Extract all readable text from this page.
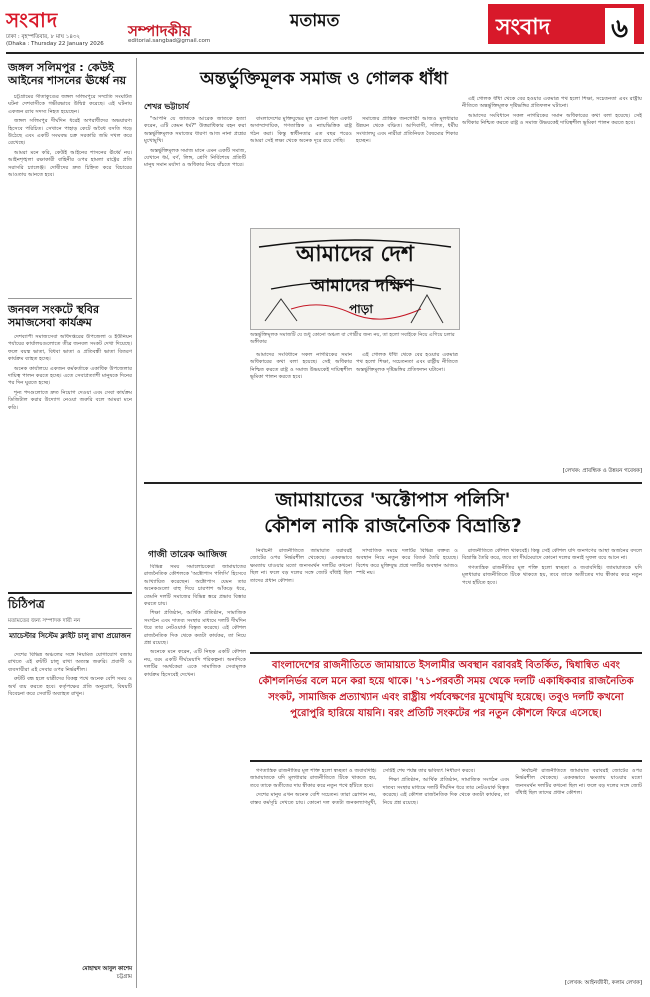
সংবাদ
ঢাকা : বৃহস্পতিবার, ৮ মাঘ ১৪৩২
(Dhaka : Thursday 22 January 2026
সম্পাদকীয়
editorial.sangbad@gmail.com
মতামত	সংবাদ ৬
জঙ্গল সলিমপুর : কেউই আইনের শাসনের ঊর্ধ্বে নয়

চট্টগ্রামের সীতাকুণ্ডের জঙ্গল সলিমপুরে সম্প্রতি সংঘটিত ঘটনা দেশবাসীকে গভীরভাবে উদ্বিগ্ন করেছে। এই ঘটনায় একজন র‍্যাব সদস্য নিহত হয়েছেন।

জঙ্গল সলিমপুর দীর্ঘদিন ধরেই অপরাধীদের অভয়ারণ্য হিসেবে পরিচিত। সেখানে পাহাড় কেটে অবৈধ বসতি গড়ে উঠেছে এবং একটি সংঘবদ্ধ চক্র সরকারি জমি দখল করে রেখেছে।

আমরা মনে করি, কেউই আইনের শাসনের ঊর্ধ্বে নয়। আইনশৃঙ্খলা রক্ষাকারী বাহিনীর ওপর হামলা রাষ্ট্রের প্রতি সরাসরি চ্যালেঞ্জ। দোষীদের দ্রুত চিহ্নিত করে বিচারের আওতায় আনতে হবে।

জনবল সংকটে স্থবির সমাজসেবা কার্যক্রম

দেশব্যাপী সমাজসেবা অধিদপ্তরের উপজেলা ও ইউনিয়ন পর্যায়ের কার্যালয়গুলোতে তীব্র জনবল সংকট দেখা দিয়েছে। ফলে বয়স্ক ভাতা, বিধবা ভাতা ও প্রতিবন্ধী ভাতা বিতরণ কার্যক্রম ব্যাহত হচ্ছে।

অনেক কার্যালয়ে একজন কর্মকর্তাকে একাধিক উপজেলার দায়িত্ব পালন করতে হচ্ছে। এতে সেবাপ্রত্যাশী মানুষকে দিনের পর দিন ঘুরতে হচ্ছে।

শূন্য পদগুলোতে দ্রুত নিয়োগ দেওয়া এবং সেবা কার্যক্রম ডিজিটাল করার উদ্যোগ নেওয়া জরুরি বলে আমরা মনে করি।

চিঠিপত্র
মতামতের জন্য সম্পাদক দায়ী নন
ম্যাচেস্টার সিস্টেম ক্লাইট চালু রাখা প্রয়োজন

দেশের বিভিন্ন অঞ্চলের সঙ্গে নিয়মিত যোগাযোগ বজায় রাখতে এই রুটটি চালু রাখা অত্যন্ত জরুরি। প্রবাসী ও ব্যবসায়ীরা এই সেবার ওপর নির্ভরশীল।

রুটটি বন্ধ হলে যাত্রীদের বিকল্প পথে অনেক বেশি সময় ও অর্থ ব্যয় করতে হবে। কর্তৃপক্ষের প্রতি অনুরোধ, বিষয়টি বিবেচনা করে সেবাটি অব্যাহত রাখুন।

মোহাম্মদ আবুল কাশেম
চট্টগ্রাম
অন্তর্ভুক্তিমূলক সমাজ ও গোলক ধাঁধা
শেখর ভট্টাচার্য

"আপনি যে জাতকে আরেক জাতকে হত্যা করেন, এটি কেমন ধর্ম?" উত্তরাধিকার বহন করা অন্তর্ভুক্তিমূলক সমাজের ধারণা আজ নানা প্রশ্নের মুখোমুখি।

অন্তর্ভুক্তিমূলক সমাজ মানে এমন একটি সমাজ, যেখানে ধর্ম, বর্ণ, লিঙ্গ, শ্রেণি নির্বিশেষে প্রতিটি মানুষ সমান মর্যাদা ও অধিকার নিয়ে বাঁচতে পারে।

বাংলাদেশের মুক্তিযুদ্ধের মূল চেতনা ছিল একটি অসাম্প্রদায়িক, গণতান্ত্রিক ও ন্যায়ভিত্তিক রাষ্ট্র গঠন করা। কিন্তু স্বাধীনতার এত বছর পরেও আমরা সেই লক্ষ্য থেকে অনেক দূরে রয়ে গেছি।

সমাজের প্রান্তিক জনগোষ্ঠী আজও মূলধারার উন্নয়ন থেকে বঞ্চিত। আদিবাসী, দলিত, ধর্মীয় সংখ্যালঘু এবং নারীরা প্রতিনিয়ত বৈষম্যের শিকার হচ্ছেন।

এই গোলক ধাঁধা থেকে বের হওয়ার একমাত্র পথ হলো শিক্ষা, সচেতনতা এবং রাষ্ট্রীয় নীতিতে অন্তর্ভুক্তিমূলক দৃষ্টিভঙ্গির প্রতিফলন ঘটানো।

আমাদের সংবিধানে সকল নাগরিকের সমান অধিকারের কথা বলা হয়েছে। সেই অধিকার নিশ্চিত করতে রাষ্ট্র ও সমাজ উভয়কেই দায়িত্বশীল ভূমিকা পালন করতে হবে।

আমাদের দেশ
আমাদের দক্ষিণ
পাড়া
অন্তর্ভুক্তিমূলক সমাজটি যে শুধু কোনো অঞ্চল বা গোষ্ঠীর জন্য নয়, তা হলো সবাইকে নিয়ে এগিয়ে চলার অঙ্গীকার

আমাদের সংবিধানে সকল নাগরিকের সমান অধিকারের কথা বলা হয়েছে। সেই অধিকার নিশ্চিত করতে রাষ্ট্র ও সমাজ উভয়কেই দায়িত্বশীল ভূমিকা পালন করতে হবে।

এই গোলক ধাঁধা থেকে বের হওয়ার একমাত্র পথ হলো শিক্ষা, সচেতনতা এবং রাষ্ট্রীয় নীতিতে অন্তর্ভুক্তিমূলক দৃষ্টিভঙ্গির প্রতিফলন ঘটানো।

[লেখক: প্রাবন্ধিক ও উন্নয়ন গবেষক]
জামায়াতের 'অক্টোপাস পলিসি'
কৌশল নাকি রাজনৈতিক বিভ্রান্তি?
গাজী তারেক আজিজ

বিভিন্ন সময় সমালোচকেরা জামায়াতের রাজনৈতিক কৌশলকে 'অক্টোপাস পলিসি' হিসেবে আখ্যায়িত করেছেন। অক্টোপাস যেমন তার অনেকগুলো বাহু দিয়ে চারপাশ আঁকড়ে ধরে, তেমনি দলটি সমাজের বিভিন্ন স্তরে প্রভাব বিস্তার করতে চায়।

শিক্ষা প্রতিষ্ঠান, আর্থিক প্রতিষ্ঠান, সামাজিক সংগঠন এবং দাতব্য সংস্থার মাধ্যমে দলটি দীর্ঘদিন ধরে তার নেটওয়ার্ক বিস্তৃত করেছে। এই কৌশল রাজনৈতিক দিক থেকে কতটা কার্যকর, তা নিয়ে প্রশ্ন রয়েছে।

অনেকে মনে করেন, এটি নিছক একটি কৌশল নয়, বরং একটি দীর্ঘমেয়াদি পরিকল্পনা। অন্যদিকে দলটির সমর্থকেরা একে সামাজিক সেবামূলক কার্যক্রম হিসেবেই দেখেন।

নির্বাচনী রাজনীতিতে জামায়াত বরাবরই জোটের ওপর নির্ভরশীল থেকেছে। এককভাবে ক্ষমতায় যাওয়ার মতো জনসমর্থন দলটির কখনো ছিল না। ফলে বড় দলের সঙ্গে জোট বাঁধাই ছিল তাদের প্রধান কৌশল।

সাম্প্রতিক সময়ে দলটির বিভিন্ন বক্তব্য ও অবস্থান নিয়ে নতুন করে বিতর্ক তৈরি হয়েছে। বিশেষ করে মুক্তিযুদ্ধ প্রশ্নে দলটির অবস্থান আজও স্পষ্ট নয়।

বাংলাদেশের রাজনীতিতে জামায়াতে ইসলামীর অবস্থান বরাবরই বিতর্কিত, দ্বিধান্বিত এবং কৌশলনির্ভর বলে মনে করা হয়ে থাকে। '৭১-পরবর্তী সময় থেকে দলটি একাধিকবার রাজনৈতিক সংকট, সামাজিক প্রত্যাখ্যান এবং রাষ্ট্রীয় পর্যবেক্ষণের মুখোমুখি হয়েছে। তবুও দলটি কখনো পুরোপুরি হারিয়ে যায়নি। বরং প্রতিটি সংকটের পর নতুন কৌশলে ফিরে এসেছে।

রাজনীতিতে কৌশল থাকবেই। কিন্তু সেই কৌশল যদি জনগণের আস্থা অর্জনের বদলে বিভ্রান্তি তৈরি করে, তবে তা দীর্ঘমেয়াদে কোনো দলের জন্যই সুফল বয়ে আনে না।

গণতান্ত্রিক রাজনীতির মূল শক্তি হলো স্বচ্ছতা ও জবাবদিহি। জামায়াতকে যদি মূলধারার রাজনীতিতে টিকে থাকতে হয়, তবে তাকে অতীতের দায় স্বীকার করে নতুন পথে হাঁটতে হবে।

গণতান্ত্রিক রাজনীতির মূল শক্তি হলো স্বচ্ছতা ও জবাবদিহি। জামায়াতকে যদি মূলধারার রাজনীতিতে টিকে থাকতে হয়, তবে তাকে অতীতের দায় স্বীকার করে নতুন পথে হাঁটতে হবে।

দেশের মানুষ এখন অনেক বেশি সচেতন। তারা স্লোগান নয়, বাস্তব কর্মসূচি দেখতে চায়। কোনো দল কতটা জনকল্যাণমুখী, সেটিই শেষ পর্যন্ত তার ভবিষ্যৎ নির্ধারণ করবে।

শিক্ষা প্রতিষ্ঠান, আর্থিক প্রতিষ্ঠান, সামাজিক সংগঠন এবং দাতব্য সংস্থার মাধ্যমে দলটি দীর্ঘদিন ধরে তার নেটওয়ার্ক বিস্তৃত করেছে। এই কৌশল রাজনৈতিক দিক থেকে কতটা কার্যকর, তা নিয়ে প্রশ্ন রয়েছে।

নির্বাচনী রাজনীতিতে জামায়াত বরাবরই জোটের ওপর নির্ভরশীল থেকেছে। এককভাবে ক্ষমতায় যাওয়ার মতো জনসমর্থন দলটির কখনো ছিল না। ফলে বড় দলের সঙ্গে জোট বাঁধাই ছিল তাদের প্রধান কৌশল।

[লেখক: আইনজীবী, কলাম লেখক]
